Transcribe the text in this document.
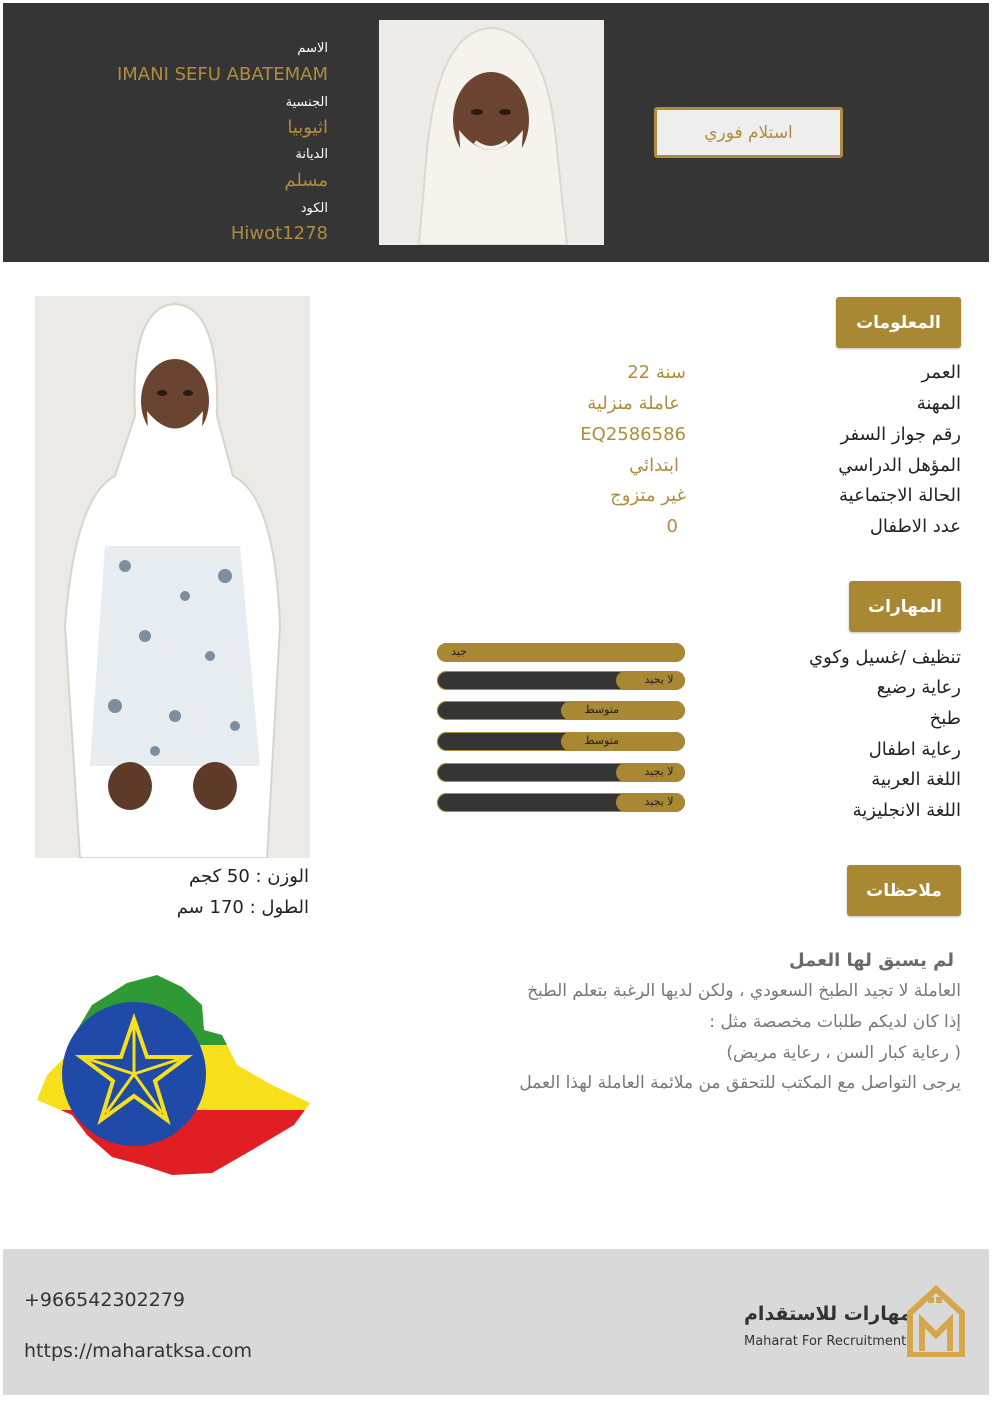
الاسم
IMANI SEFU ABATEMAM
الجنسية
اثيوبيا
الديانة
مسلم
الكود
Hiwot1278
استلام فوري
المعلومات
العمر
22 سنة
المهنة
عاملة منزلية
رقم جواز السفر
EQ2586586
المؤهل الدراسي
ابتدائي
الحالة الاجتماعية
غير متزوج
عدد الاطفال
0
المهارات
تنظيف /غسيل وكوي
جيد
رعاية رضيع
لا يجيد
طبخ
متوسط
رعاية اطفال
متوسط
اللغة العربية
لا يجيد
اللغة الانجليزية
لا يجيد
الوزن : 50 كجم
الطول : 170 سم
ملاحظات
لم يسبق لها العمل
العاملة لا تجيد الطبخ السعودي ، ولكن لديها الرغبة بتعلم الطبخ
إذا كان لديكم طلبات مخصصة مثل :
( رعاية كبار السن ، رعاية مريض)
يرجى التواصل مع المكتب للتحقق من ملائمة العاملة لهذا العمل
+966542302279
https://maharatksa.com
مهارات للاستقدام
Maharat For Recruitment
